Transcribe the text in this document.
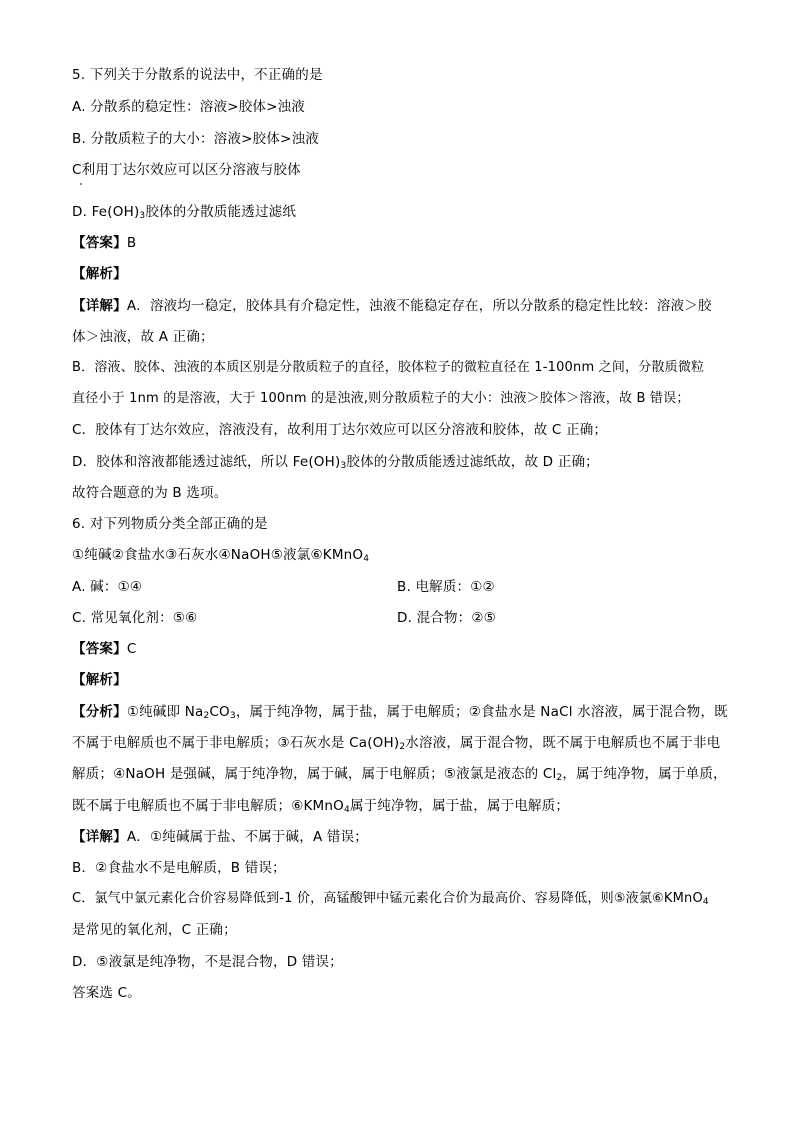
5. 下列关于分散系的说法中，不正确的是

A. 分散系的稳定性：溶液>胶体>浊液

B. 分散质粒子的大小：溶液>胶体>浊液

C利用丁达尔效应可以区分溶液与胶体

D. $Fe(OH)_3$胶体的分散质能透过滤纸

【答案】B

【解析】

【详解】A．溶液均一稳定，胶体具有介稳定性，浊液不能稳定存在，所以分散系的稳定性比较：溶液＞胶

体＞浊液，故 A 正确；

B．溶液、胶体、浊液的本质区别是分散质粒子的直径，胶体粒子的微粒直径在 1-100nm 之间，分散质微粒

直径小于 1nm 的是溶液，大于 100nm 的是浊液,则分散质粒子的大小：浊液＞胶体＞溶液，故 B 错误；

C．胶体有丁达尔效应，溶液没有，故利用丁达尔效应可以区分溶液和胶体，故 C 正确；

D．胶体和溶液都能透过滤纸，所以 $Fe(OH)_3$胶体的分散质能透过滤纸故，故 D 正确；

故符合题意的为 B 选项。

6. 对下列物质分类全部正确的是

①纯碱②食盐水③石灰水④NaOH⑤液氯⑥KMnO$_4$

A. 碱：①④	B. 电解质：①②

C. 常见氧化剂：⑤⑥	D. 混合物：②⑤

【答案】C

【解析】

【分析】①纯碱即 $Na_2CO_3$，属于纯净物，属于盐，属于电解质；②食盐水是 NaCl 水溶液，属于混合物，既

不属于电解质也不属于非电解质；③石灰水是 $Ca(OH)_2$水溶液，属于混合物，既不属于电解质也不属于非电

解质；④NaOH 是强碱，属于纯净物，属于碱，属于电解质；⑤液氯是液态的 $Cl_2$，属于纯净物，属于单质，

既不属于电解质也不属于非电解质；⑥KMnO$_4$属于纯净物，属于盐，属于电解质；

【详解】A．①纯碱属于盐、不属于碱，A 错误；

B．②食盐水不是电解质，B 错误；

C．氯气中氯元素化合价容易降低到-1 价，高锰酸钾中锰元素化合价为最高价、容易降低，则⑤液氯⑥KMnO$_4$

是常见的氧化剂，C 正确；

D．⑤液氯是纯净物，不是混合物，D 错误；

答案选 C。
